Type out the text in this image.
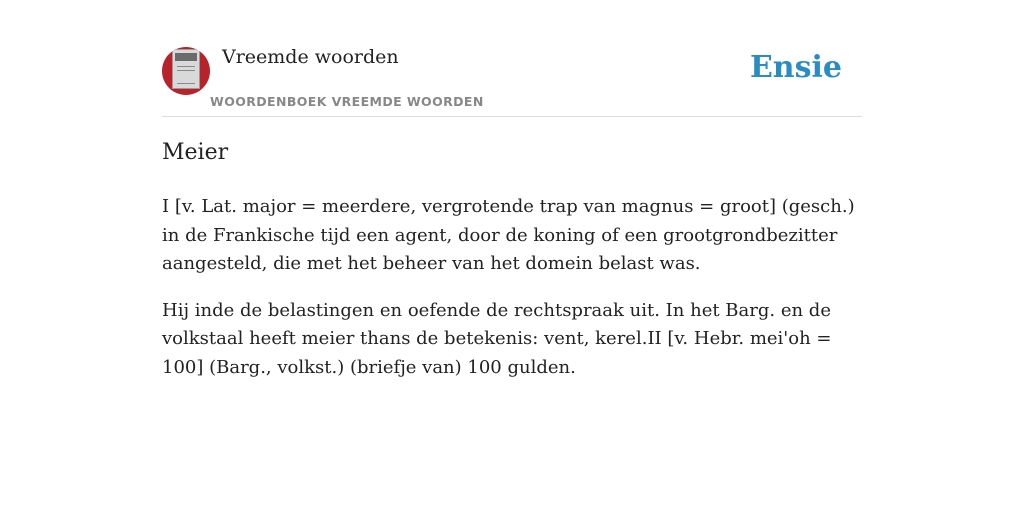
Vreemde woorden
WOORDENBOEK VREEMDE WOORDEN
Ensie
Meier

I [v. Lat. major = meerdere, vergrotende trap van magnus = groot] (gesch.) in de Frankische tijd een agent, door de koning of een grootgrondbezitter aangesteld, die met het beheer van het domein belast was.

Hij inde de belastingen en oefende de rechtspraak uit. In het Barg. en de volkstaal heeft meier thans de betekenis: vent, kerel.II [v. Hebr. mei'oh = 100] (Barg., volkst.) (briefje van) 100 gulden.
